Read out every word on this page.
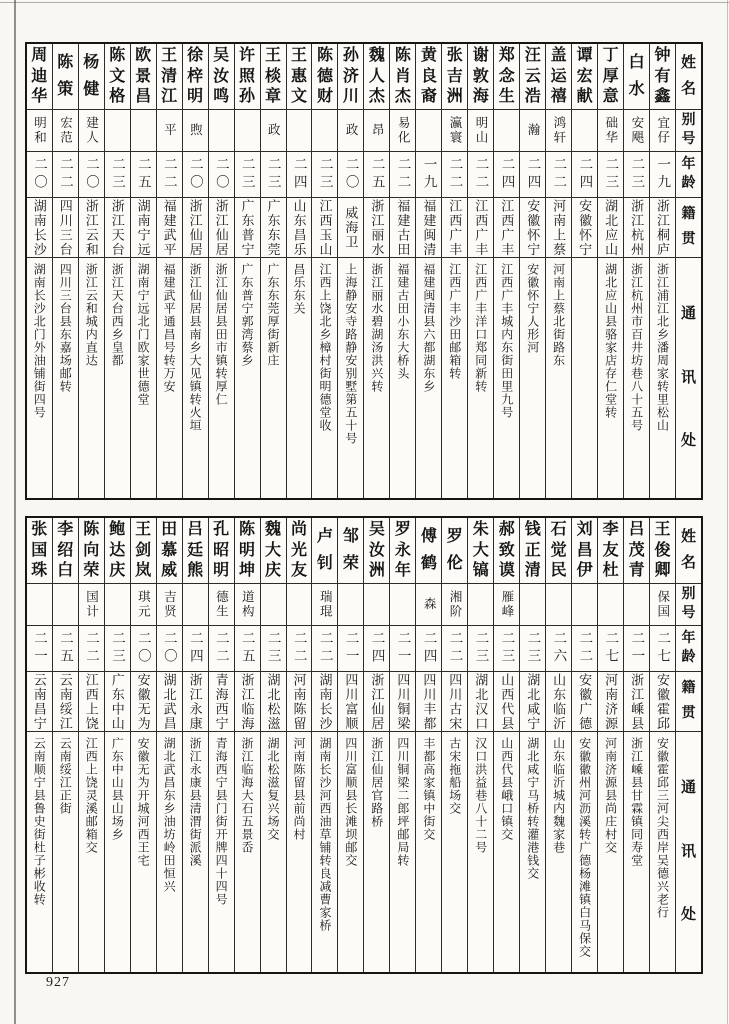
姓
名
别
号
年
龄
籍
贯
通
讯
处
钟
有
鑫
宜仔
一九
浙江桐庐
浙江浦江北乡潘周家转里松山
白
水
安飓
二三
浙江杭州
浙江杭州市百井坊巷八十五号
丁
厚
意
础华
二三
湖北应山
湖北应山县骆家店存仁堂转
谭
宏
献
二四
安徽怀宁
盖
运
禧
鸿轩
二二
河南上蔡
河南上蔡北街路东
汪
云
浩
瀚
二四
安徽怀宁
安徽怀宁人形河
郑
念
生
二四
江西广丰
江西广丰城内东街田里九号
谢
敦
海
明山
二二
江西广丰
江西广丰洋口郑同新转
张
吉
洲
瀛寰
二二
江西广丰
江西广丰沙田邮箱转
黄
良
裔
一九
福建闽清
福建闽清县六都湖东乡
陈
肖
杰
易化
二二
福建古田
福建古田小东大桥头
魏
人
杰
昂
二五
浙江丽水
浙江丽水碧湖汤洪兴转
孙
济
川
政
二〇
威海卫
上海静安寺路静安别墅第五十号
陈
德
财
二三
江西玉山
江西上饶北乡樟村街明德堂收
王
惠
文
二四
山东昌乐
昌乐东关
王
棪
章
政
二三
广东东莞
广东东莞厚街新庄
许
照
孙
二三
广东普宁
广东普宁郭湾蔡乡
吴
汝
鸣
二〇
浙江仙居
浙江仙居县田市镇转厚仁
徐
梓
明
煦
二〇
浙江仙居
浙江仙居县南乡大见镇转火垣
王
清
江
平
二二
福建武平
福建武平通昌号转万安
欧
景
昌
二五
湖南宁远
湖南宁远北门欧家世德堂
陈
文
格
二三
浙江天台
浙江天台西乡皇都
杨
健
建人
二〇
浙江云和
浙江云和城内直达
陈
策
宏范
二二
四川三台
四川三台县东嘉场邮转
周
迪
华
明和
二〇
湖南长沙
湖南长沙北门外油铺街四号
姓
名
别
号
年
龄
籍
贯
通
讯
处
王
俊
卿
保国
二七
安徽霍邱
安徽霍邱三河尖西岸吴德兴老行
吕
茂
青
二一
浙江嵊县
浙江嵊县甘霖镇同寿堂
李
友
杜
二七
河南济源
河南济源县尚庄村交
刘
昌
伊
二二
安徽广德
安徽徽州河沥溪转广德杨滩镇白马保交
石
觉
民
二六
山东临沂
山东临沂城内魏家巷
钱
正
清
二三
湖北咸宁
湖北咸宁马桥转灌港钱交
郝
致
谟
雁峰
二三
山西代县
山西代县峨口镇交
朱
大
镐
二三
湖北汉口
汉口洪益巷八十二号
罗
伦
湘阶
二二
四川古宋
古宋拖船场交
傅
鹤
森
二四
四川丰都
丰都高家镇中街交
罗
永
年
二一
四川铜梁
四川铜梁二郎坪邮局转
吴
汝
洲
二四
浙江仙居
浙江仙居官路桥
邹
荣
二一
四川富顺
四川富顺县长滩坝邮交
卢
钊
瑞琨
二二
湖南长沙
湖南长沙河西油草铺转良减曹家桥
尚
光
友
二二
河南陈留
河南陈留县前尚村
魏
大
庆
二三
湖北松滋
湖北松滋复兴场交
陈
明
坤
道构
二五
浙江临海
浙江临海大石五景岙
孔
昭
明
德生
二二
青海西宁
青海西宁县门街开牌四十四号
吕
廷
熊
二四
浙江永康
浙江永康县清渭街派溪
田
慕
威
吉贤
二〇
湖北武昌
湖北武昌东乡油坊岭田恒兴
王
剑
岚
琪元
二〇
安徽无为
安徽无为开城河西王宅
鲍
达
庆
二三
广东中山
广东中山县山场乡
陈
向
荣
国计
二二
江西上饶
江西上饶灵溪邮箱交
李
绍
白
二五
云南绥江
云南绥江正街
张
国
珠
二一
云南昌宁
云南顺宁县鲁史街杜子彬收转
927
